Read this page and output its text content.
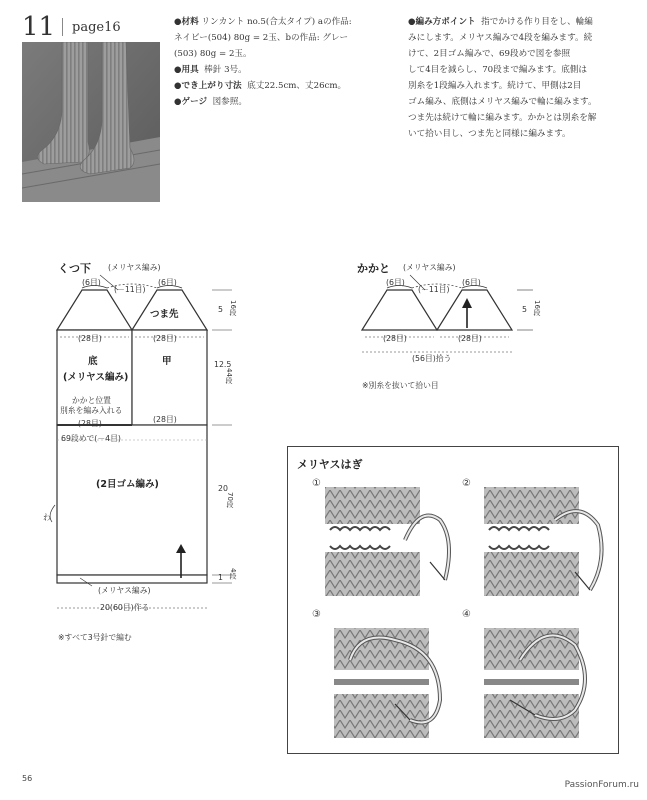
11 page16	●材料 リンカント no.5(合太タイプ) aの作品:
ネイビー(504) 80g = 2玉、bの作品: グレー
(503) 80g = 2玉。
●用具 棒針 3号。
●でき上がり寸法 底丈22.5cm、丈26cm。
●ゲージ 図参照。
●編み方ポイント 指でかける作り目をし、輪編
みにします。メリヤス編みで4段を編みます。続
けて、2目ゴム編みで、69段めで図を参照
して4目を減らし、70段まで編みます。底側は
別糸を1段編み入れます。続けて、甲側は2目
ゴム編み、底側はメリヤス編みで輪に編みます。
つま先は続けて輪に編みます。かかとは別糸を解
いて拾い目し、つま先と同様に編みます。
くつ下 (メリヤス編み)
(6目)
(－11目)
(6目)
つま先
(28目)	(28目)
底
(メリヤス編み)
甲
かかと位置
別糸を編み入れる
(28目)	(28目)
69段めで(－4目)
(2目ゴム編み)
わ
(メリヤス編み)
20(60目)作る
5 16段
12.5
44段
20
70段
1 4段
※すべて3号針で編む
かかと (メリヤス編み)
(6目)
(－11目)
(6目)
(28目)	(28目)
(56目)拾う
5 16段
※別糸を抜いて拾い目
メリヤスはぎ
①	②
③	④
56
PassionForum.ru
